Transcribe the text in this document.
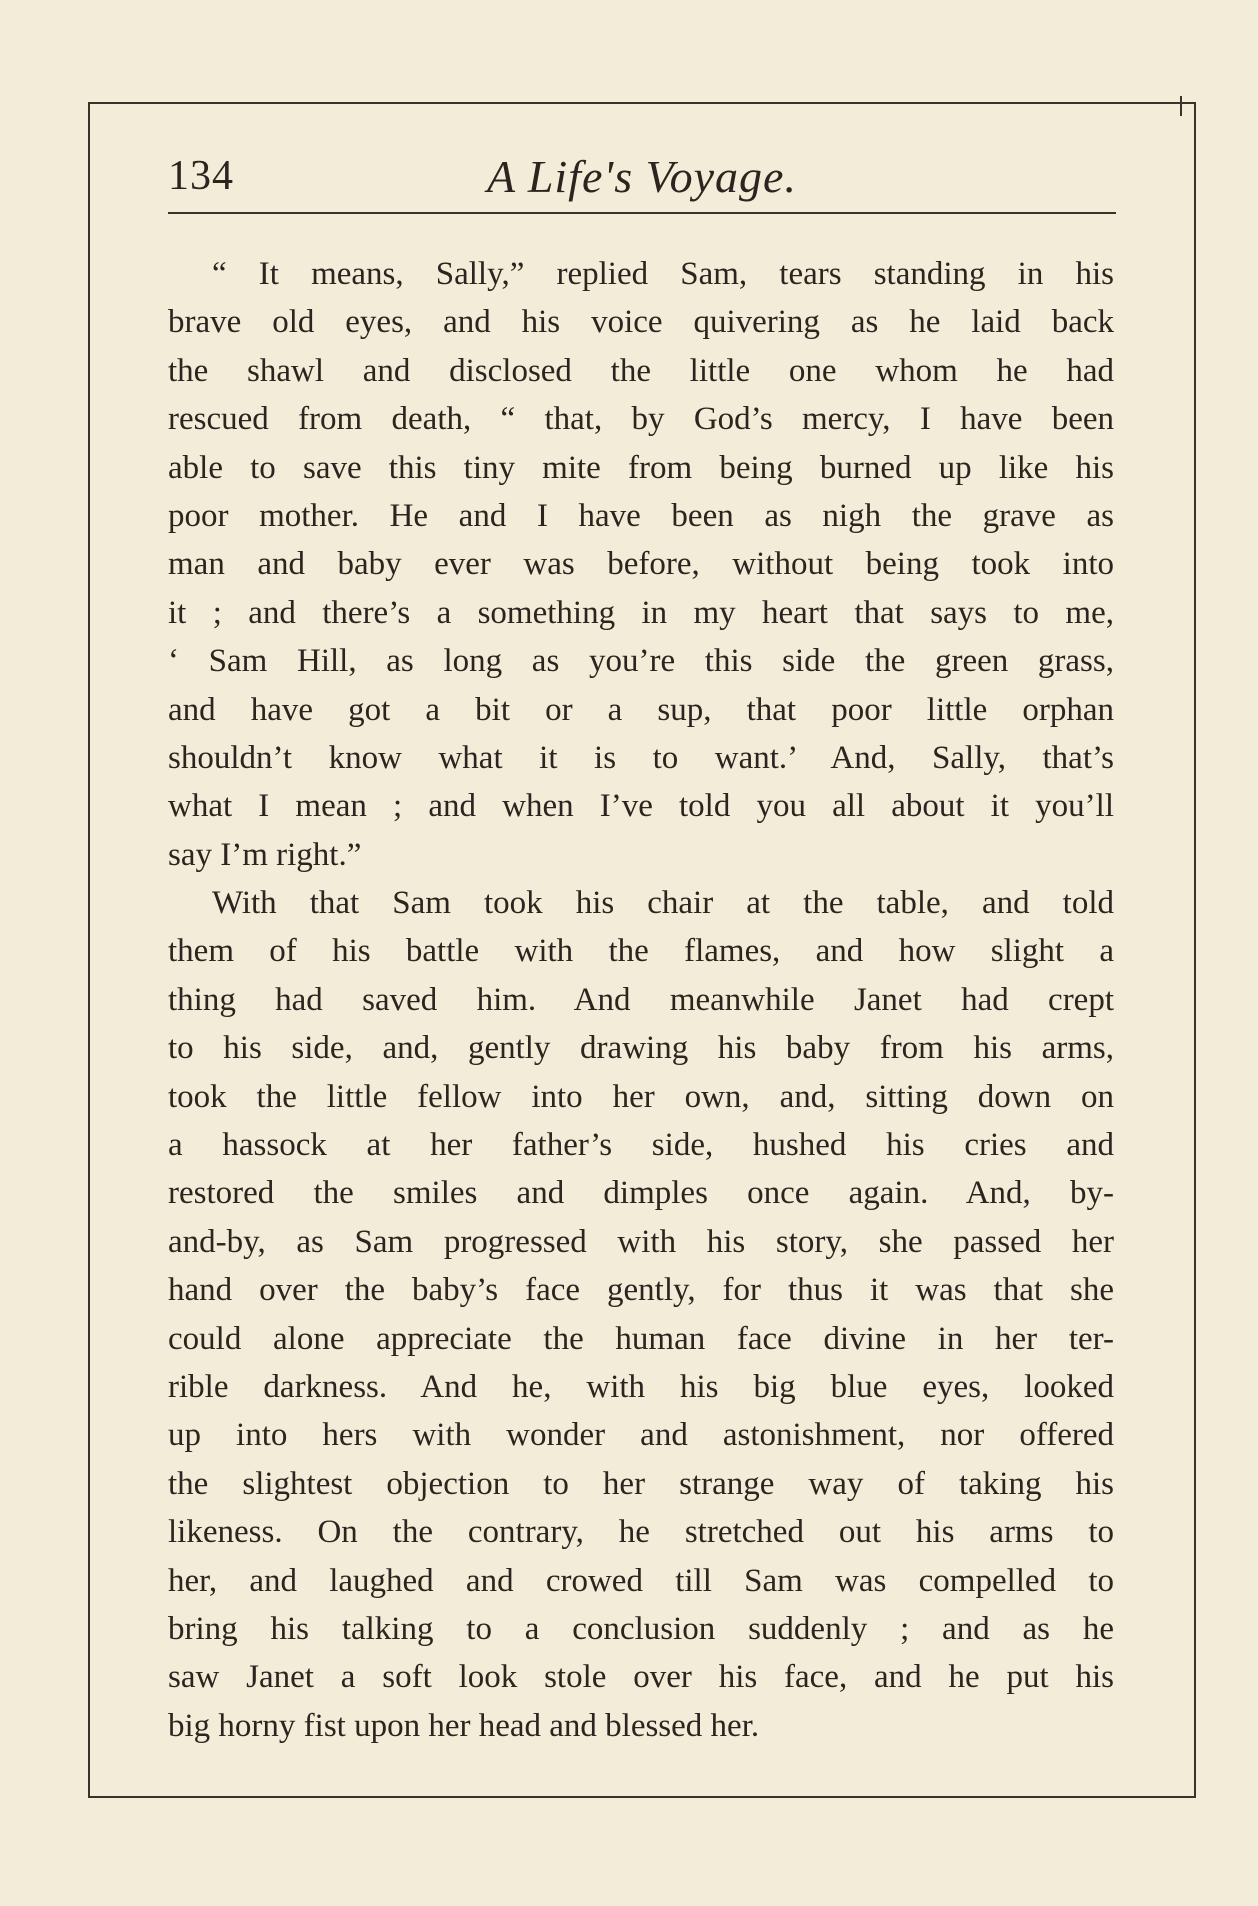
134	A Life's Voyage.
“ It means, Sally,” replied Sam, tears standing in his
brave old eyes, and his voice quivering as he laid back
the shawl and disclosed the little one whom he had
rescued from death, “ that, by God’s mercy, I have been
able to save this tiny mite from being burned up like his
poor mother. He and I have been as nigh the grave as
man and baby ever was before, without being took into
it ; and there’s a something in my heart that says to me,
‘ Sam Hill, as long as you’re this side the green grass,
and have got a bit or a sup, that poor little orphan
shouldn’t know what it is to want.’ And, Sally, that’s
what I mean ; and when I’ve told you all about it you’ll
say I’m right.”
With that Sam took his chair at the table, and told
them of his battle with the flames, and how slight a
thing had saved him. And meanwhile Janet had crept
to his side, and, gently drawing his baby from his arms,
took the little fellow into her own, and, sitting down on
a hassock at her father’s side, hushed his cries and
restored the smiles and dimples once again. And, by-
and-by, as Sam progressed with his story, she passed her
hand over the baby’s face gently, for thus it was that she
could alone appreciate the human face divine in her ter-
rible darkness. And he, with his big blue eyes, looked
up into hers with wonder and astonishment, nor offered
the slightest objection to her strange way of taking his
likeness. On the contrary, he stretched out his arms to
her, and laughed and crowed till Sam was compelled to
bring his talking to a conclusion suddenly ; and as he
saw Janet a soft look stole over his face, and he put his
big horny fist upon her head and blessed her.
